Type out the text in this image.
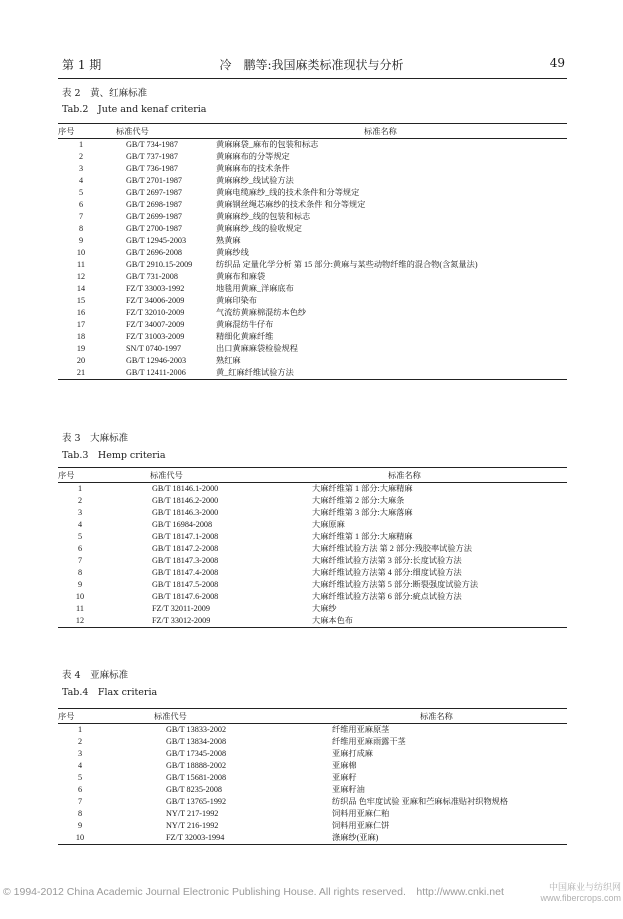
第 1 期	冷　鹏等:我国麻类标准现状与分析	49
表 2　黄、红麻标准
Tab.2　Jute and kenaf criteria
序号	标准代号	标准名称
1	GB/T 734-1987	黄麻麻袋_麻布的包装和标志
2	GB/T 737-1987	黄麻麻布的分等规定
3	GB/T 736-1987	黄麻麻布的技术条件
4	GB/T 2701-1987	黄麻麻纱_线试验方法
5	GB/T 2697-1987	黄麻电缆麻纱_线的技术条件和分等规定
6	GB/T 2698-1987	黄麻钢丝绳芯麻纱的技术条件 和分等规定
7	GB/T 2699-1987	黄麻麻纱_线的包装和标志
8	GB/T 2700-1987	黄麻麻纱_线的验收规定
9	GB/T 12945-2003	熟黄麻
10	GB/T 2696-2008	黄麻纱线
11	GB/T 2910.15-2009	纺织品 定量化学分析 第 15 部分:黄麻与某些动物纤维的混合物(含氮量法)
12	GB/T 731-2008	黄麻布和麻袋
14	FZ/T 33003-1992	地毯用黄麻_洋麻底布
15	FZ/T 34006-2009	黄麻印染布
16	FZ/T 32010-2009	气流纺黄麻棉混纺本色纱
17	FZ/T 34007-2009	黄麻混纺牛仔布
18	FZ/T 31003-2009	精细化黄麻纤维
19	SN/T 0740-1997	出口黄麻麻袋检验规程
20	GB/T 12946-2003	熟红麻
21	GB/T 12411-2006	黄_红麻纤维试验方法
表 3　大麻标准
Tab.3　Hemp criteria
序号	标准代号	标准名称
1	GB/T 18146.1-2000	大麻纤维第 1 部分:大麻精麻
2	GB/T 18146.2-2000	大麻纤维第 2 部分:大麻条
3	GB/T 18146.3-2000	大麻纤维第 3 部分:大麻落麻
4	GB/T 16984-2008	大麻原麻
5	GB/T 18147.1-2008	大麻纤维第 1 部分:大麻精麻
6	GB/T 18147.2-2008	大麻纤维试验方法 第 2 部分:残胶率试验方法
7	GB/T 18147.3-2008	大麻纤维试验方法第 3 部分:长度试验方法
8	GB/T 18147.4-2008	大麻纤维试验方法第 4 部分:细度试验方法
9	GB/T 18147.5-2008	大麻纤维试验方法第 5 部分:断裂强度试验方法
10	GB/T 18147.6-2008	大麻纤维试验方法第 6 部分:疵点试验方法
11	FZ/T 32011-2009	大麻纱
12	FZ/T 33012-2009	大麻本色布
表 4　亚麻标准
Tab.4　Flax criteria
序号	标准代号	标准名称
1	GB/T 13833-2002	纤维用亚麻原茎
2	GB/T 13834-2008	纤维用亚麻雨露干茎
3	GB/T 17345-2008	亚麻打成麻
4	GB/T 18888-2002	亚麻棉
5	GB/T 15681-2008	亚麻籽
6	GB/T 8235-2008	亚麻籽油
7	GB/T 13765-1992	纺织品 色牢度试验 亚麻和苎麻标准贴衬织物规格
8	NY/T 217-1992	饲料用亚麻仁粕
9	NY/T 216-1992	饲料用亚麻仁饼
10	FZ/T 32003-1994	涤麻纱(亚麻)
© 1994-2012 China Academic Journal Electronic Publishing House. All rights reserved.　http://www.cnki.net	中国麻业与纺织网
www.fibercrops.com
